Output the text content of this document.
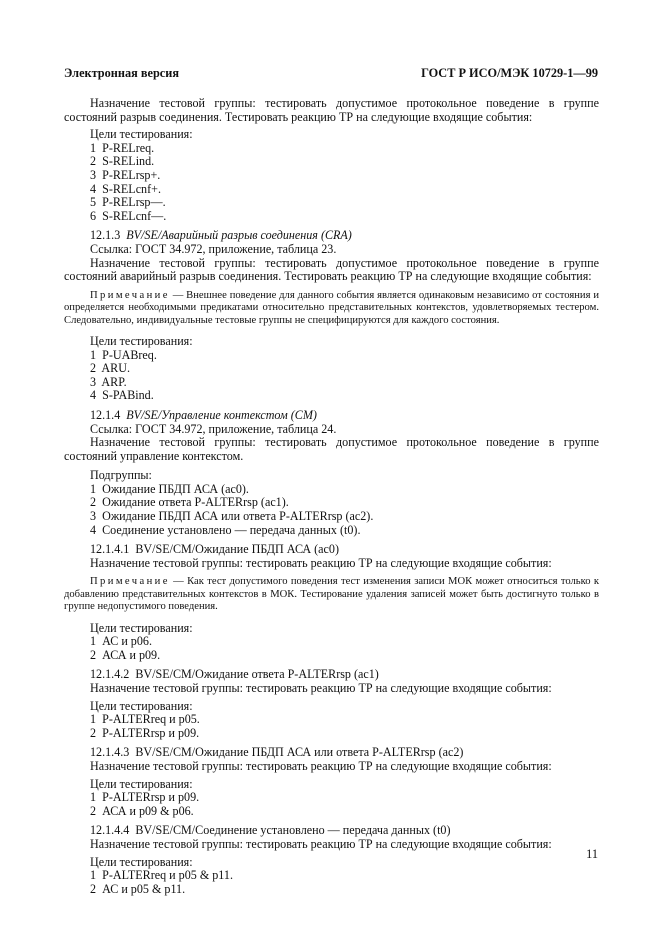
Электронная версия	ГОСТ Р ИСО/МЭК 10729-1—99
Назначение тестовой группы: тестировать допустимое протокольное поведение в группе состояний разрыв соединения. Тестировать реакцию ТР на следующие входящие события:
Цели тестирования:
1  P-RELreq.
2  S-RELind.
3  P-RELrsp+.
4  S-RELcnf+.
5  P-RELrsp—.
6  S-RELcnf—.
12.1.3  BV/SE/Аварийный разрыв соединения (CRA)
Ссылка: ГОСТ 34.972, приложение, таблица 23.
Назначение тестовой группы: тестировать допустимое протокольное поведение в группе состояний аварийный разрыв соединения. Тестировать реакцию ТР на следующие входящие события:
Примечание — Внешнее поведение для данного события является одинаковым независимо от состояния и определяется необходимыми предикатами относительно представительных контекстов, удовлетворяемых тестером. Следовательно, индивидуальные тестовые группы не специфицируются для каждого состояния.
Цели тестирования:
1  P-UABreq.
2  ARU.
3  ARP.
4  S-PABind.
12.1.4  BV/SE/Управление контекстом (CM)
Ссылка: ГОСТ 34.972, приложение, таблица 24.
Назначение тестовой группы: тестировать допустимое протокольное поведение в группе состояний управление контекстом.
Подгруппы:
1  Ожидание ПБДП АСА (ас0).
2  Ожидание ответа P-ALTERrsp (ac1).
3  Ожидание ПБДП АСА или ответа P-ALTERrsp (ас2).
4  Соединение установлено — передача данных (t0).
12.1.4.1  BV/SE/CM/Ожидание ПБДП АСА (ас0)
Назначение тестовой группы: тестировать реакцию ТР на следующие входящие события:
Примечание — Как тест допустимого поведения тест изменения записи МОК может относиться только к добавлению представительных контекстов в МОК. Тестирование удаления записей может быть достигнуто только в группе недопустимого поведения.
Цели тестирования:
1  АС и р06.
2  АСА и р09.
12.1.4.2  BV/SE/CM/Ожидание ответа P-ALTERrsp (ас1)
Назначение тестовой группы: тестировать реакцию ТР на следующие входящие события:
Цели тестирования:
1  P-ALTERreq и р05.
2  P-ALTERrsp и р09.
12.1.4.3  BV/SE/CM/Ожидание ПБДП АСА или ответа P-ALTERrsp (ас2)
Назначение тестовой группы: тестировать реакцию ТР на следующие входящие события:
Цели тестирования:
1  P-ALTERrsp и р09.
2  АСА и р09 & р06.
12.1.4.4  BV/SE/CM/Соединение установлено — передача данных (t0)
Назначение тестовой группы: тестировать реакцию ТР на следующие входящие события:
Цели тестирования:
1  P-ALTERreq и р05 & р11.
2  АС и р05 & р11.
11
